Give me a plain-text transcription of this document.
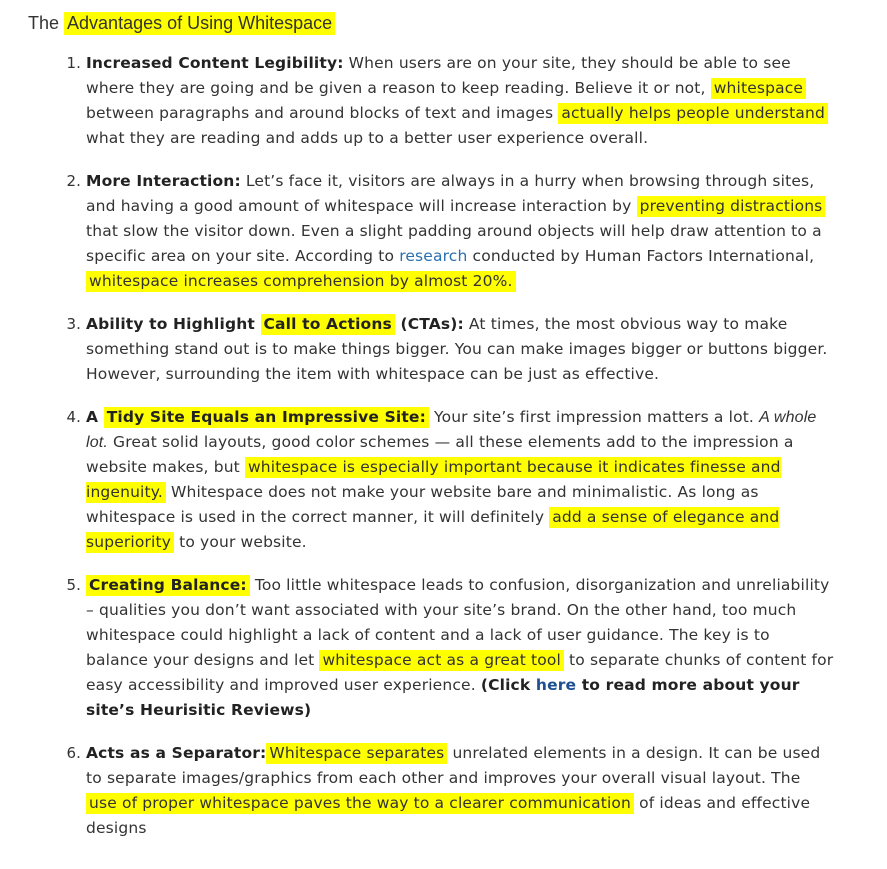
The Advantages of Using Whitespace
1. Increased Content Legibility: When users are on your site, they should be able to see where they are going and be given a reason to keep reading. Believe it or not, whitespace between paragraphs and around blocks of text and images actually helps people understand what they are reading and adds up to a better user experience overall.
2. More Interaction: Let’s face it, visitors are always in a hurry when browsing through sites, and having a good amount of whitespace will increase interaction by preventing distractions that slow the visitor down. Even a slight padding around objects will help draw attention to a specific area on your site. According to research conducted by Human Factors International, whitespace increases comprehension by almost 20%.
3. Ability to Highlight Call to Actions (CTAs): At times, the most obvious way to make something stand out is to make things bigger. You can make images bigger or buttons bigger. However, surrounding the item with whitespace can be just as effective.
4. A Tidy Site Equals an Impressive Site: Your site’s first impression matters a lot. A whole lot. Great solid layouts, good color schemes — all these elements add to the impression a website makes, but whitespace is especially important because it indicates finesse and ingenuity. Whitespace does not make your website bare and minimalistic. As long as whitespace is used in the correct manner, it will definitely add a sense of elegance and superiority to your website.
5. Creating Balance: Too little whitespace leads to confusion, disorganization and unreliability – qualities you don’t want associated with your site’s brand. On the other hand, too much whitespace could highlight a lack of content and a lack of user guidance. The key is to balance your designs and let whitespace act as a great tool to separate chunks of content for easy accessibility and improved user experience. (Click here to read more about your site’s Heurisitic Reviews)
6. Acts as a Separator: Whitespace separates unrelated elements in a design. It can be used to separate images/graphics from each other and improves your overall visual layout. The use of proper whitespace paves the way to a clearer communication of ideas and effective designs
